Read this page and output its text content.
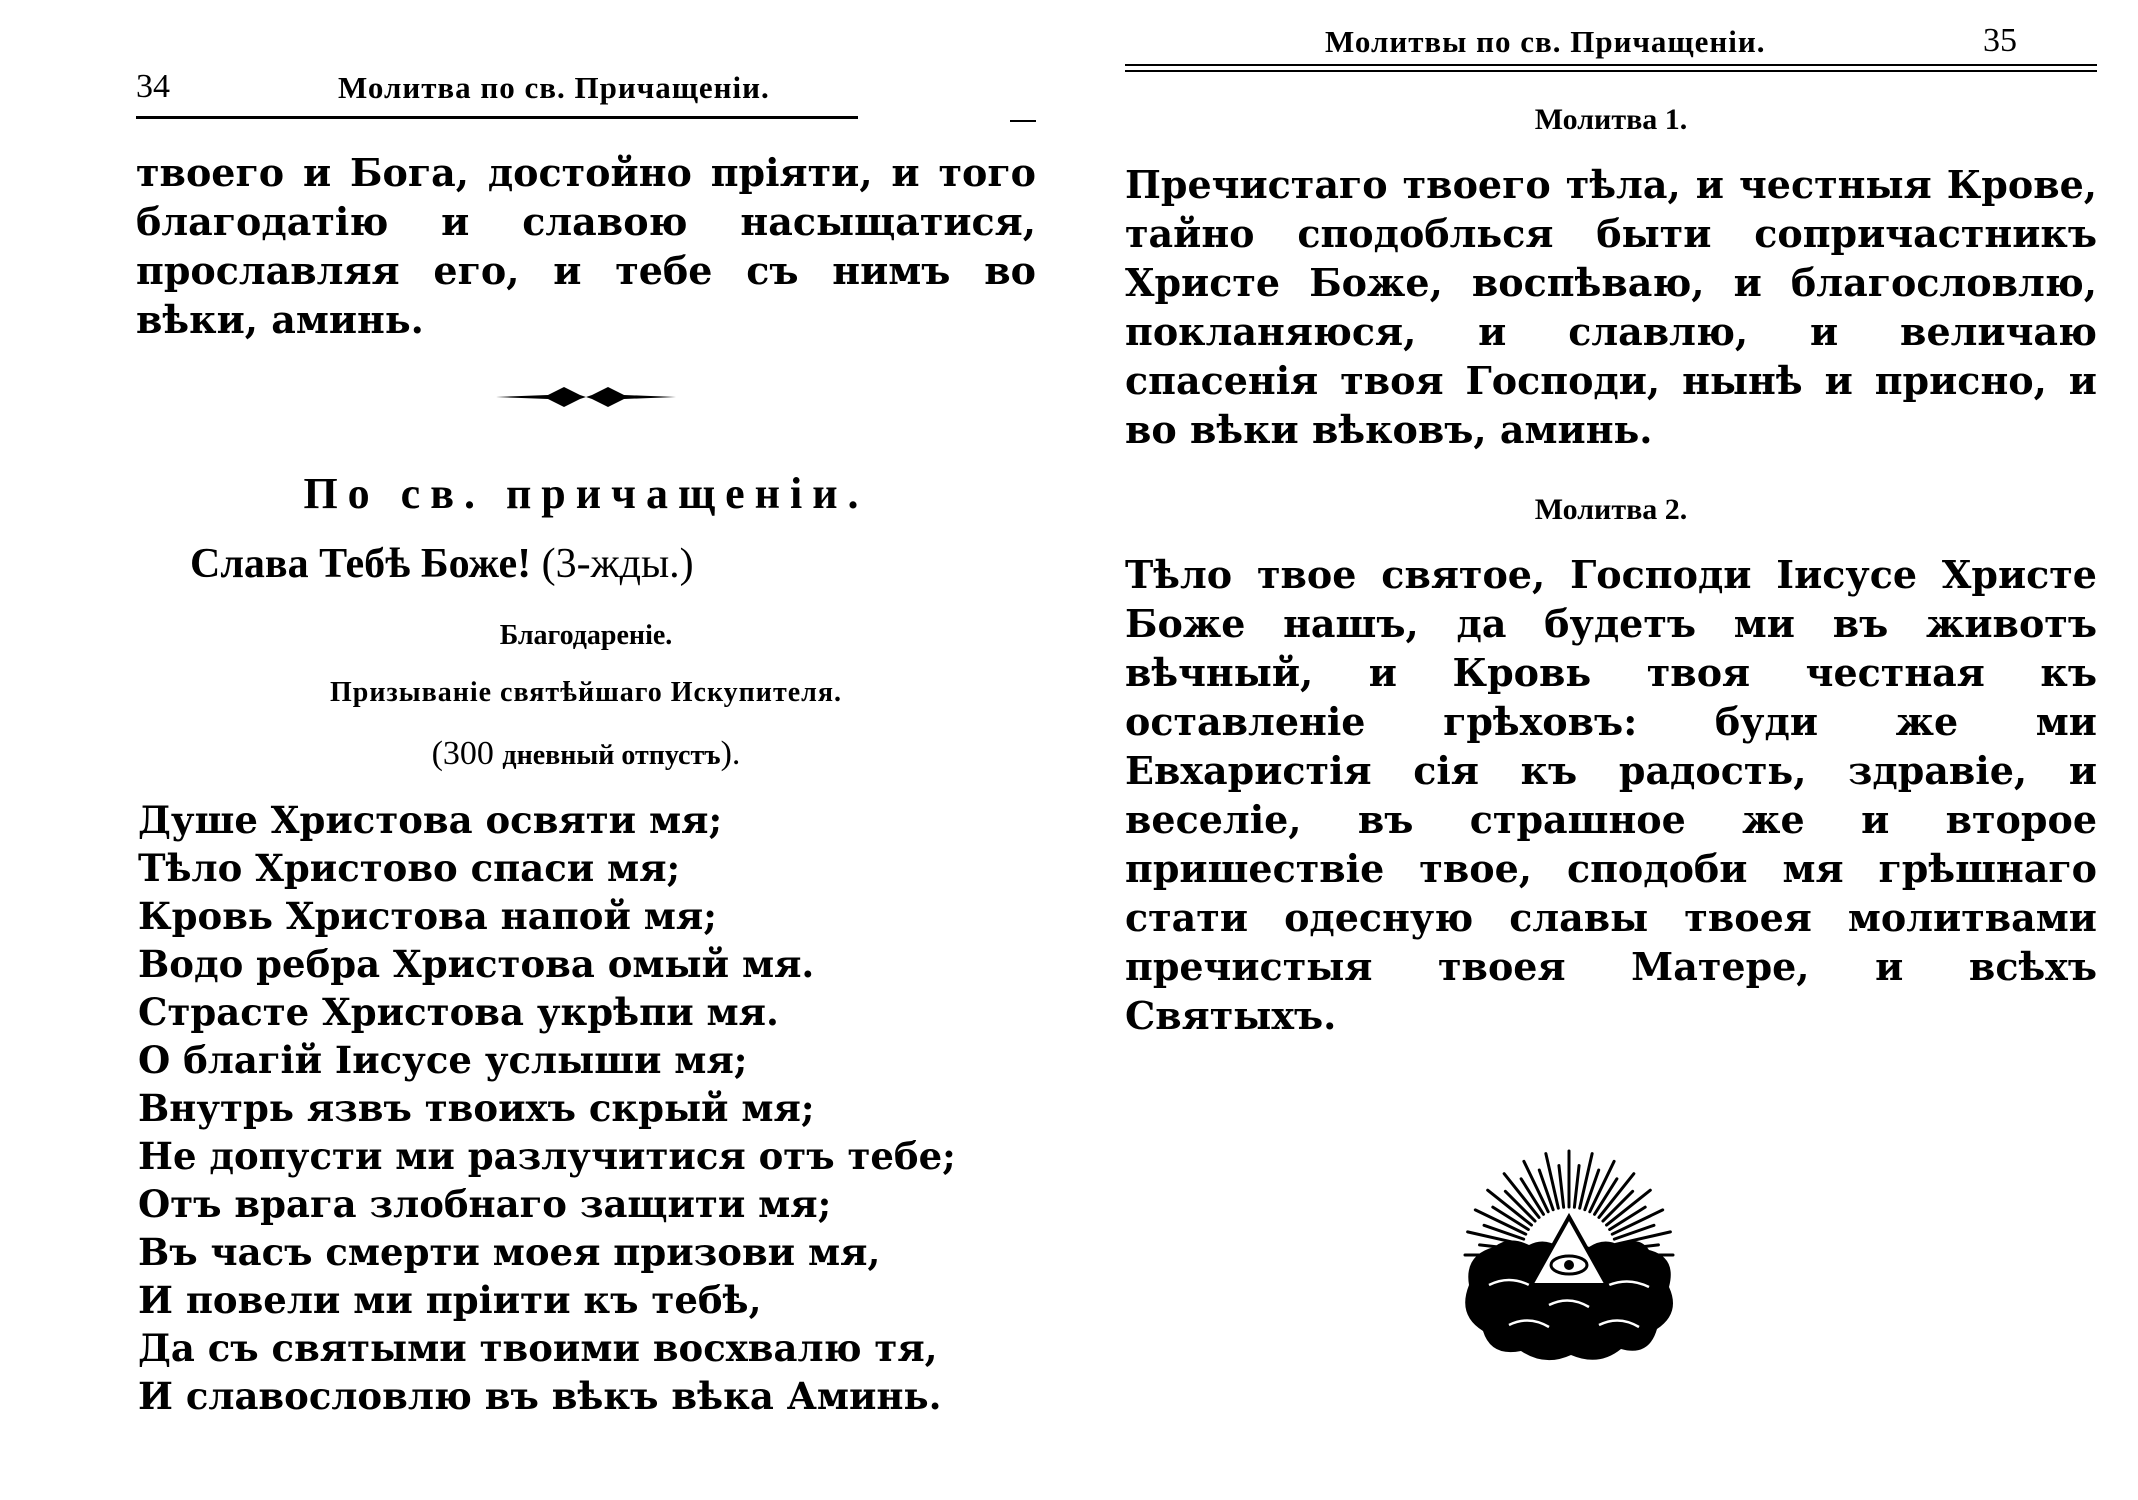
34	Молитва по св. Причащеніи.
твоего и Бога, достойно пріяти, и того благодатію и славою насыщатися, прославляя его, и тебе съ нимъ во вѣки, аминь.
По св. причащеніи.
Слава Тебѣ Боже! (3-жды.)
Благодареніе.
Призываніе святѣйшаго Искупителя.
(300 дневный отпустъ).
Душе Христова освяти мя;
Тѣло Христово спаси мя;
Кровь Христова напой мя;
Водо ребра Христова омый мя.
Страсте Христова укрѣпи мя.
О благій Іисусе услыши мя;
Внутрь язвъ твоихъ скрый мя;
Не допусти ми разлучитися отъ тебе;
Отъ врага злобнаго защити мя;
Въ часъ смерти моея призови мя,
И повели ми пріити къ тебѣ,
Да съ святыми твоими восхвалю тя,
И славословлю въ вѣкъ вѣка Аминь.
Молитвы по св. Причащеніи.	35
Молитва 1.
Пречистаго твоего тѣла, и честныя Крове, тайно сподоблься быти сопричастникъ Христе Боже, воспѣваю, и благословлю, покланяюся, и славлю, и величаю спасенія твоя Господи, нынѣ и присно, и во вѣки вѣковъ, аминь.
Молитва 2.
Тѣло твое святое, Господи Іисусе Христе Боже нашъ, да будетъ ми въ животъ вѣчный, и Кровь твоя честная къ оставленіе грѣховъ: буди же ми Евхаристія сія къ радость, здравіе, и веселіе, въ страшное же и второе пришествіе твое, сподоби мя грѣшнаго стати одесную славы твоея молитвами пречистыя твоея Матере, и всѣхъ Святыхъ.
